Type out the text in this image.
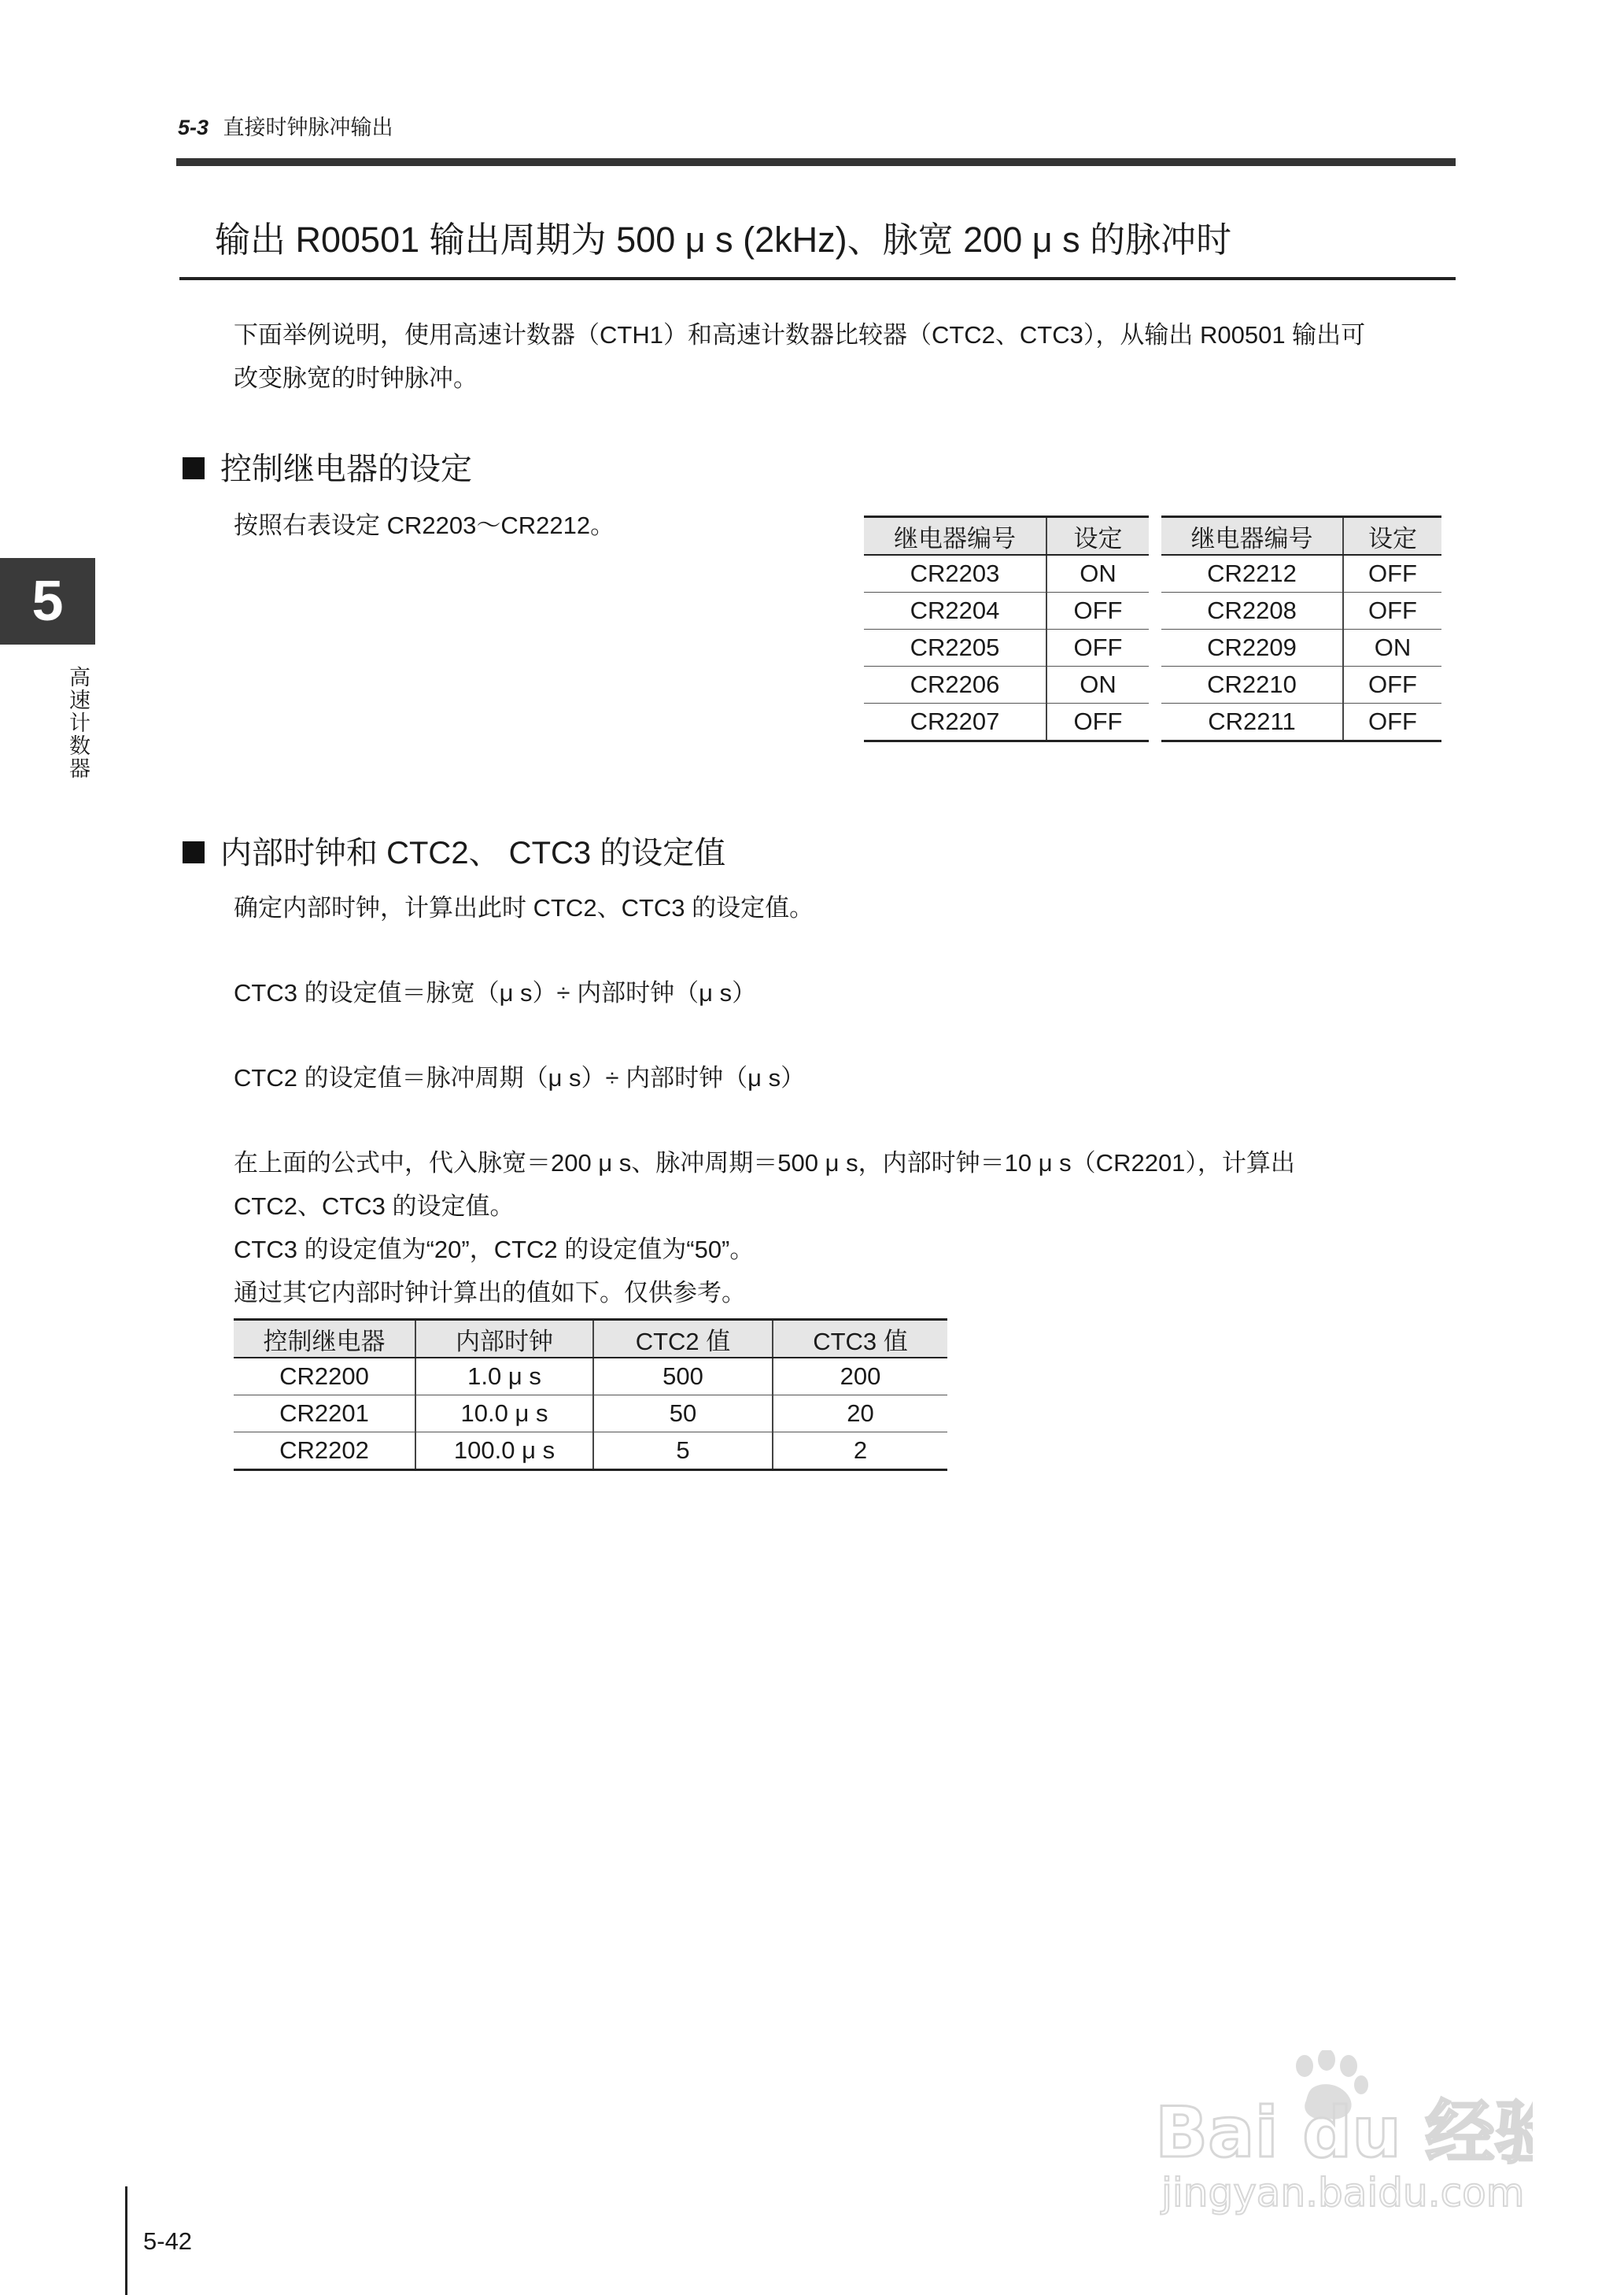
5-3 直接时钟脉冲输出
输出 R00501 输出周期为 500 μ s (2kHz)、脉宽 200 μ s 的脉冲时
下面举例说明，使用高速计数器（CTH1）和高速计数器比较器（CTC2、CTC3），从输出 R00501 输出可
改变脉宽的时钟脉冲。
控制继电器的设定
按照右表设定 CR2203～CR2212。	继电器编号	设定
CR2203	ON
CR2204	OFF
CR2205	OFF
CR2206	ON
CR2207	OFF
继电器编号	设定
CR2212	OFF
CR2208	OFF
CR2209	ON
CR2210	OFF
CR2211	OFF
内部时钟和 CTC2、 CTC3 的设定值
确定内部时钟，计算出此时 CTC2、CTC3 的设定值。
CTC3 的设定值＝脉宽（μ s）÷ 内部时钟（μ s）
CTC2 的设定值＝脉冲周期（μ s）÷ 内部时钟（μ s）
在上面的公式中，代入脉宽＝200 μ s、脉冲周期＝500 μ s，内部时钟＝10 μ s（CR2201），计算出
CTC2、CTC3 的设定值。
CTC3 的设定值为“20”，CTC2 的设定值为“50”。
通过其它内部时钟计算出的值如下。仅供参考。
控制继电器	内部时钟	CTC2 值	CTC3 值
CR2200	1.0 μ s	500	200
CR2201	10.0 μ s	50	20
CR2202	100.0 μ s	5	2
5
高速计数器
5-42
Bai du 经验
jingyan.baidu.com
